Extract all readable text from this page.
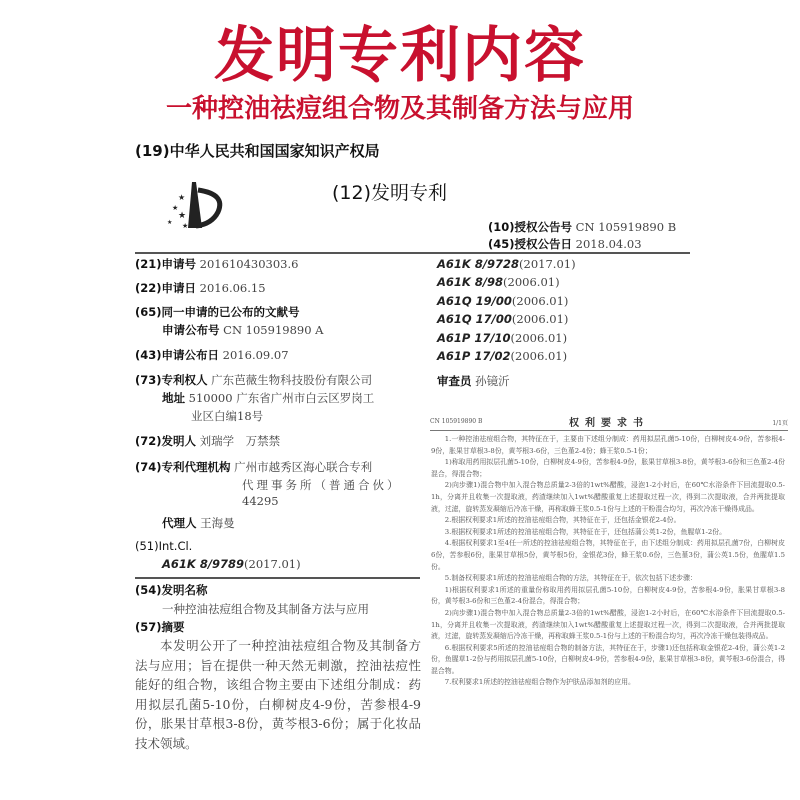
发明专利内容
一种控油祛痘组合物及其制备方法与应用
(19)中华人民共和国国家知识产权局
★
★
★
★ ★
(12)发明专利
(10)授权公告号 CN 105919890 B
(45)授权公告日 2018.04.03
(21)申请号 201610430303.6
(22)申请日 2016.06.15
(65)同一申请的已公布的文献号
申请公布号 CN 105919890 A
(43)申请公布日 2016.09.07
(73)专利权人 广东芭薇生物科技股份有限公司
地址 510000 广东省广州市白云区罗岗工
业区白编18号
(72)发明人 刘瑞学　万禁禁
(74)专利代理机构 广州市越秀区海心联合专利
代理事务所（普通合伙）
44295
代理人 王海曼
(51)Int.Cl.
A61K 8/9789(2017.01)
(54)发明名称
一种控油祛痘组合物及其制备方法与应用
(57)摘要
本发明公开了一种控油祛痘组合物及其制备方法与应用；旨在提供一种天然无刺激，控油祛痘性能好的组合物，该组合物主要由下述组分制成：药用拟层孔菌5-10份，白柳树皮4-9份，苦参根4-9份，胀果甘草根3-8份，黄芩根3-6份；属于化妆品技术领域。
A61K 8/9728(2017.01)
A61K 8/98(2006.01)
A61Q 19/00(2006.01)
A61Q 17/00(2006.01)
A61P 17/10(2006.01)
A61P 17/02(2006.01)
审查员 孙镜沂
CN 105919890 B	权利要求书	1/1页

1.一种控油祛痘组合物，其特征在于，主要由下述组分制成：药用拟层孔菌5-10份，白柳树皮4-9份，苦参根4-9份，胀果甘草根3-8份，黄芩根3-6份，三色堇2-4份；蜂王浆0.5-1份；

1)称取用药用拟层孔菌5-10份，白柳树皮4-9份，苦参根4-9份，胀果甘草根3-8份，黄芩根3-6份和三色堇2-4份混合，得混合物；

2)向步骤1)混合物中加入混合物总质量2-3倍的1wt%醋酸，浸泡1-2小时后，在60℃水浴条件下回流提取0.5-1h，分离并且收集一次提取液，药渣继续加入1wt%醋酸重复上述提取过程一次，得到二次提取液，合并两批提取液，过滤，旋转蒸发凝缩后冷冻干燥，再称取蜂王浆0.5-1份与上述的干粉混合均匀，再次冷冻干燥得成品。

2.根据权利要求1所述的控油祛痘组合物，其特征在于，还包括金银花2-4份。

3.根据权利要求1所述的控油祛痘组合物，其特征在于，还包括蒲公英1-2份，鱼腥草1-2份。

4.根据权利要求1至4任一所述的控油祛痘组合物，其特征在于，由下述组分制成：药用拟层孔菌7份，白柳树皮6份，苦参根6份，胀果甘草根5份，黄芩根5份，金银花3份，蜂王浆0.6份，三色堇3份，蒲公英1.5份，鱼腥草1.5份。

5.制备权利要求1所述的控油祛痘组合物的方法，其特征在于，依次包括下述步骤：

1)根据权利要求1所述的重量份称取用药用拟层孔菌5-10份，白柳树皮4-9份，苦参根4-9份，胀果甘草根3-8份，黄芩根3-6份和三色堇2-4份混合，得混合物；

2)向步骤1)混合物中加入混合物总质量2-3倍的1wt%醋酸，浸泡1-2小时后，在60℃水浴条件下回流提取0.5-1h，分离并且收集一次提取液，药渣继续加入1wt%醋酸重复上述提取过程一次，得到二次提取液，合并两批提取液，过滤，旋转蒸发凝缩后冷冻干燥，再称取蜂王浆0.5-1份与上述的干粉混合均匀，再次冷冻干燥包装得成品。

6.根据权利要求5所述的控油祛痘组合物的制备方法，其特征在于，步骤1)还包括称取金银花2-4份，蒲公英1-2份，鱼腥草1-2份与药用拟层孔菌5-10份，白柳树皮4-9份，苦参根4-9份，胀果甘草根3-8份，黄芩根3-6份混合，得混合物。

7.权利要求1所述的控油祛痘组合物作为护肤品添加剂的应用。
